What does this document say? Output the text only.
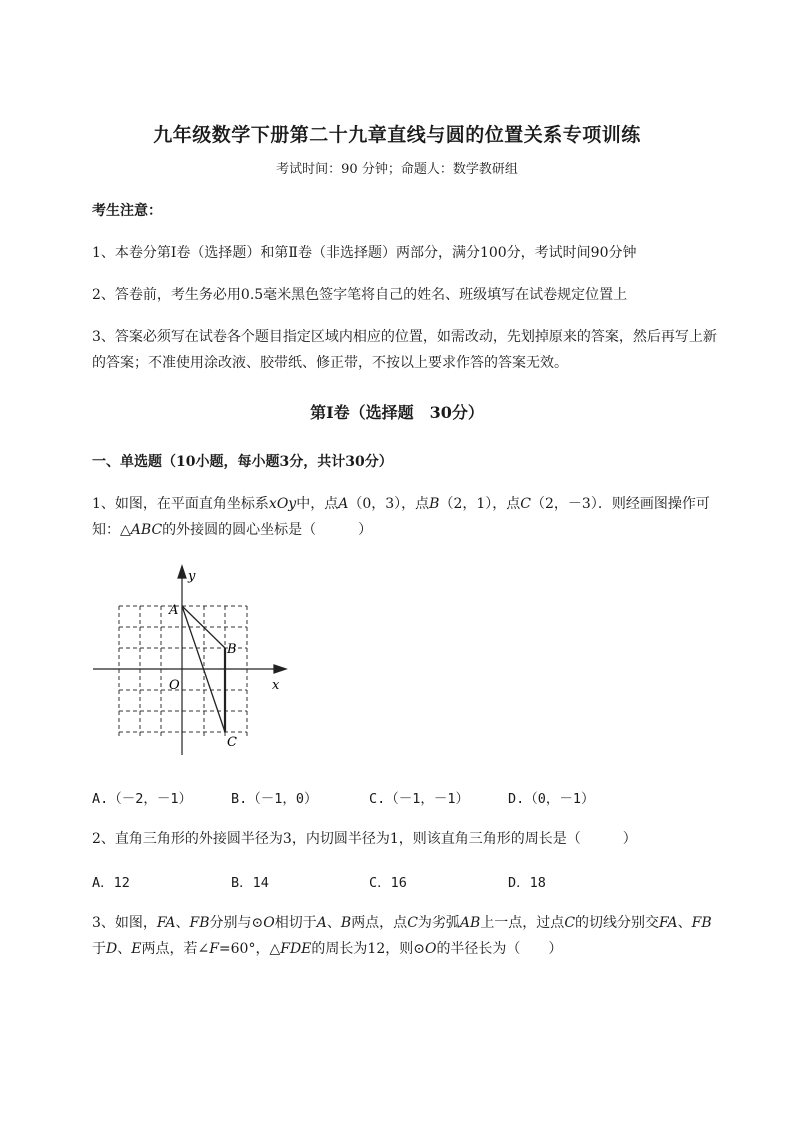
九年级数学下册第二十九章直线与圆的位置关系专项训练
考试时间：90 分钟；命题人：数学教研组
考生注意：
1、本卷分第Ⅰ卷（选择题）和第Ⅱ卷（非选择题）两部分，满分100分，考试时间90分钟
2、答卷前，考生务必用0.5毫米黑色签字笔将自己的姓名、班级填写在试卷规定位置上
3、答案必须写在试卷各个题目指定区域内相应的位置，如需改动，先划掉原来的答案，然后再写上新
的答案；不准使用涂改液、胶带纸、修正带，不按以上要求作答的答案无效。
第Ⅰ卷（选择题　30分）
一、单选题（10小题，每小题3分，共计30分）
1、如图，在平面直角坐标系xOy中，点A（0，3），点B（2，1），点C（2，－3）．则经画图操作可
知：△ABC的外接圆的圆心坐标是（　　　）
y
x
O
A
B
C
A.（－2，－1）	B.（－1，0）	C.（－1，－1）	D.（0，－1）
2、直角三角形的外接圆半径为3，内切圆半径为1，则该直角三角形的周长是（　　　）
A．12	B．14	C．16	D．18
3、如图，FA、FB分别与⊙O相切于A、B两点，点C为劣弧AB上一点，过点C的切线分别交FA、FB
于D、E两点，若∠F=60°，△FDE的周长为12，则⊙O的半径长为（　　）
